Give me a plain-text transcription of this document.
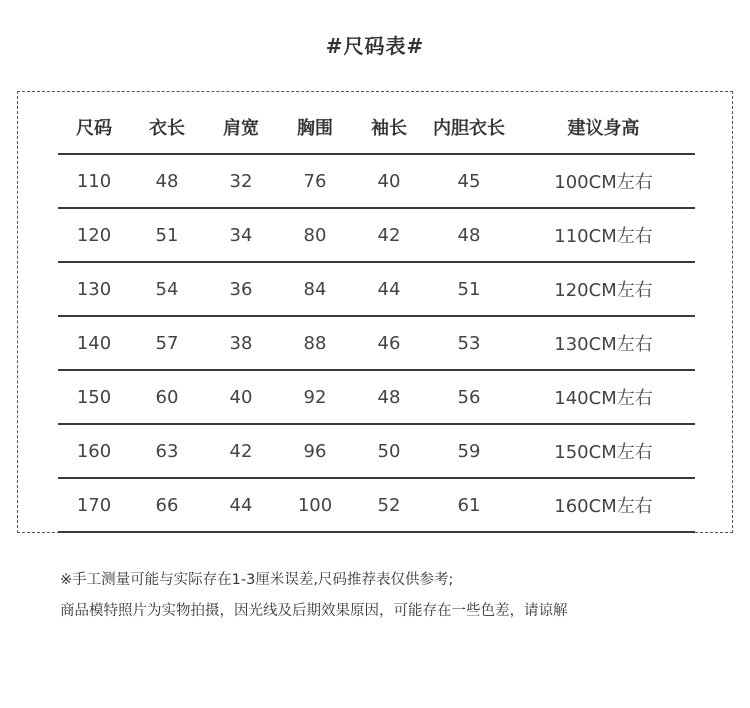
#尺码表#
尺码	衣长	肩宽	胸围	袖长	内胆衣长	建议身高
110	48	32	76	40	45	100CM左右
120	51	34	80	42	48	110CM左右
130	54	36	84	44	51	120CM左右
140	57	38	88	46	53	130CM左右
150	60	40	92	48	56	140CM左右
160	63	42	96	50	59	150CM左右
170	66	44	100	52	61	160CM左右
※手工测量可能与实际存在1-3厘米误差,尺码推荐表仅供参考;
商品模特照片为实物拍摄，因光线及后期效果原因，可能存在一些色差，请谅解
